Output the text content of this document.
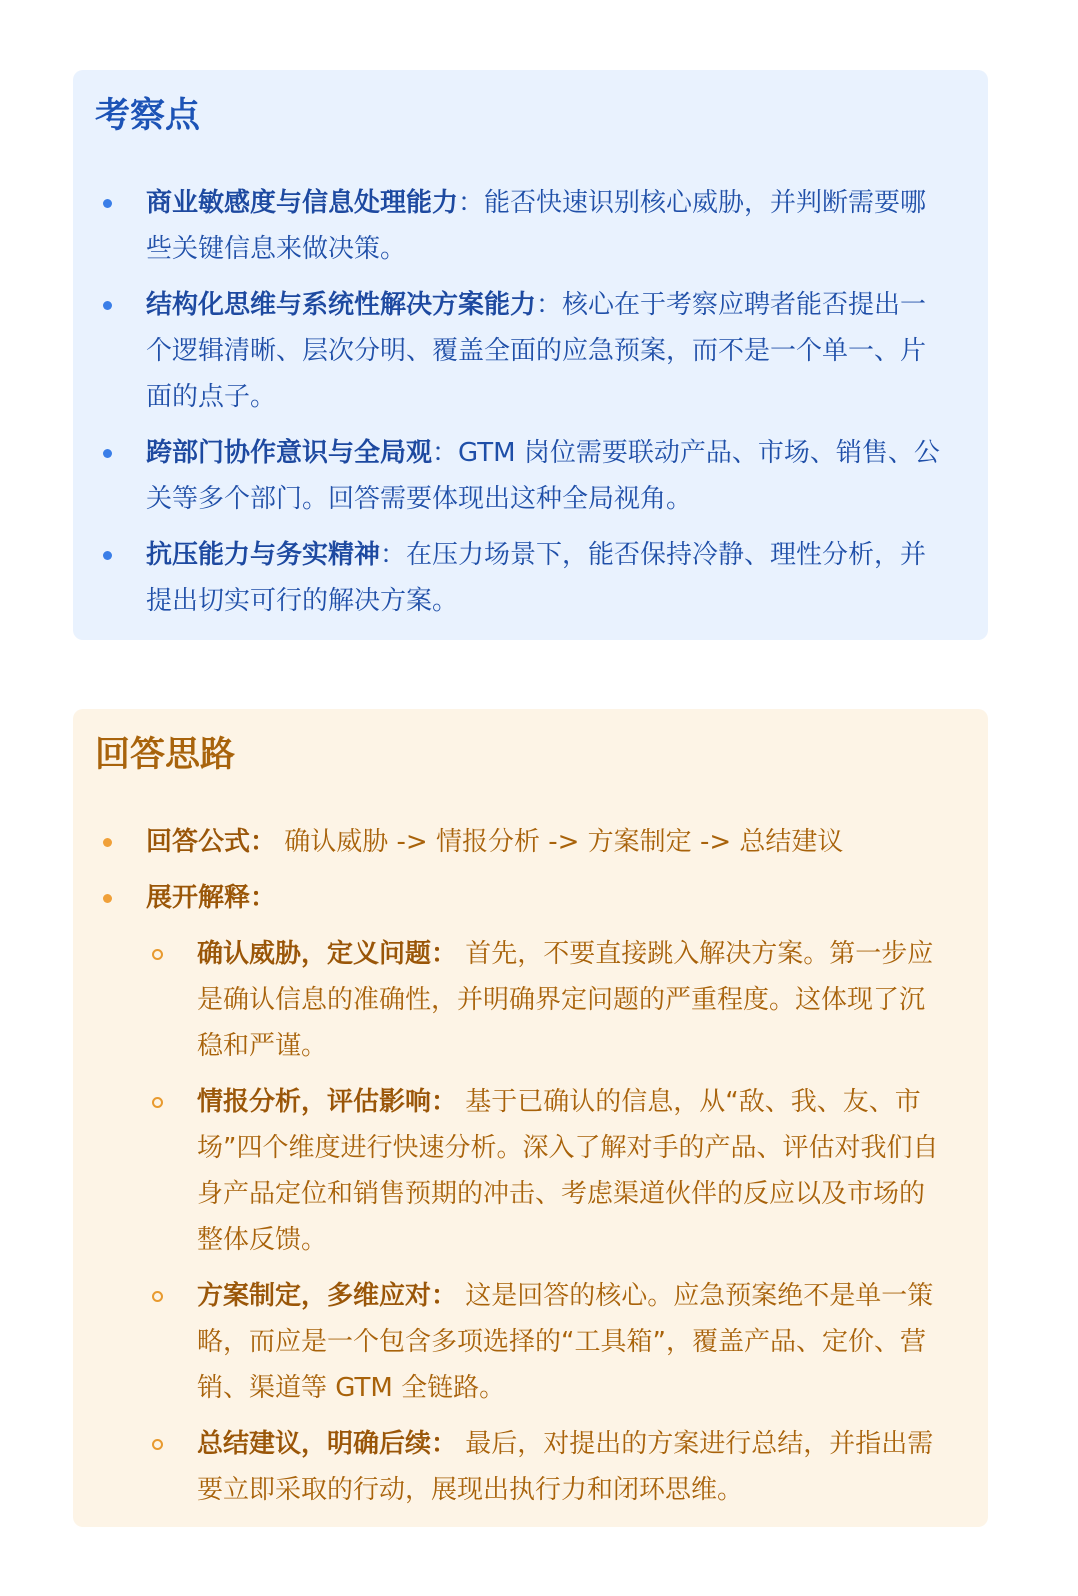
考察点
商业敏感度与信息处理能力：能否快速识别核心威胁，并判断需要哪些关键信息来做决策。
结构化思维与系统性解决方案能力：核心在于考察应聘者能否提出一个逻辑清晰、层次分明、覆盖全面的应急预案，而不是一个单一、片面的点子。
跨部门协作意识与全局观：GTM 岗位需要联动产品、市场、销售、公关等多个部门。回答需要体现出这种全局视角。
抗压能力与务实精神：在压力场景下，能否保持冷静、理性分析，并提出切实可行的解决方案。
回答思路
回答公式： 确认威胁 -> 情报分析 -> 方案制定 -> 总结建议
展开解释：
确认威胁，定义问题： 首先，不要直接跳入解决方案。第一步应是确认信息的准确性，并明确界定问题的严重程度。这体现了沉稳和严谨。
情报分析，评估影响： 基于已确认的信息，从“敌、我、友、市场”四个维度进行快速分析。深入了解对手的产品、评估对我们自身产品定位和销售预期的冲击、考虑渠道伙伴的反应以及市场的整体反馈。
方案制定，多维应对： 这是回答的核心。应急预案绝不是单一策略，而应是一个包含多项选择的“工具箱”，覆盖产品、定价、营销、渠道等 GTM 全链路。
总结建议，明确后续： 最后，对提出的方案进行总结，并指出需要立即采取的行动，展现出执行力和闭环思维。
